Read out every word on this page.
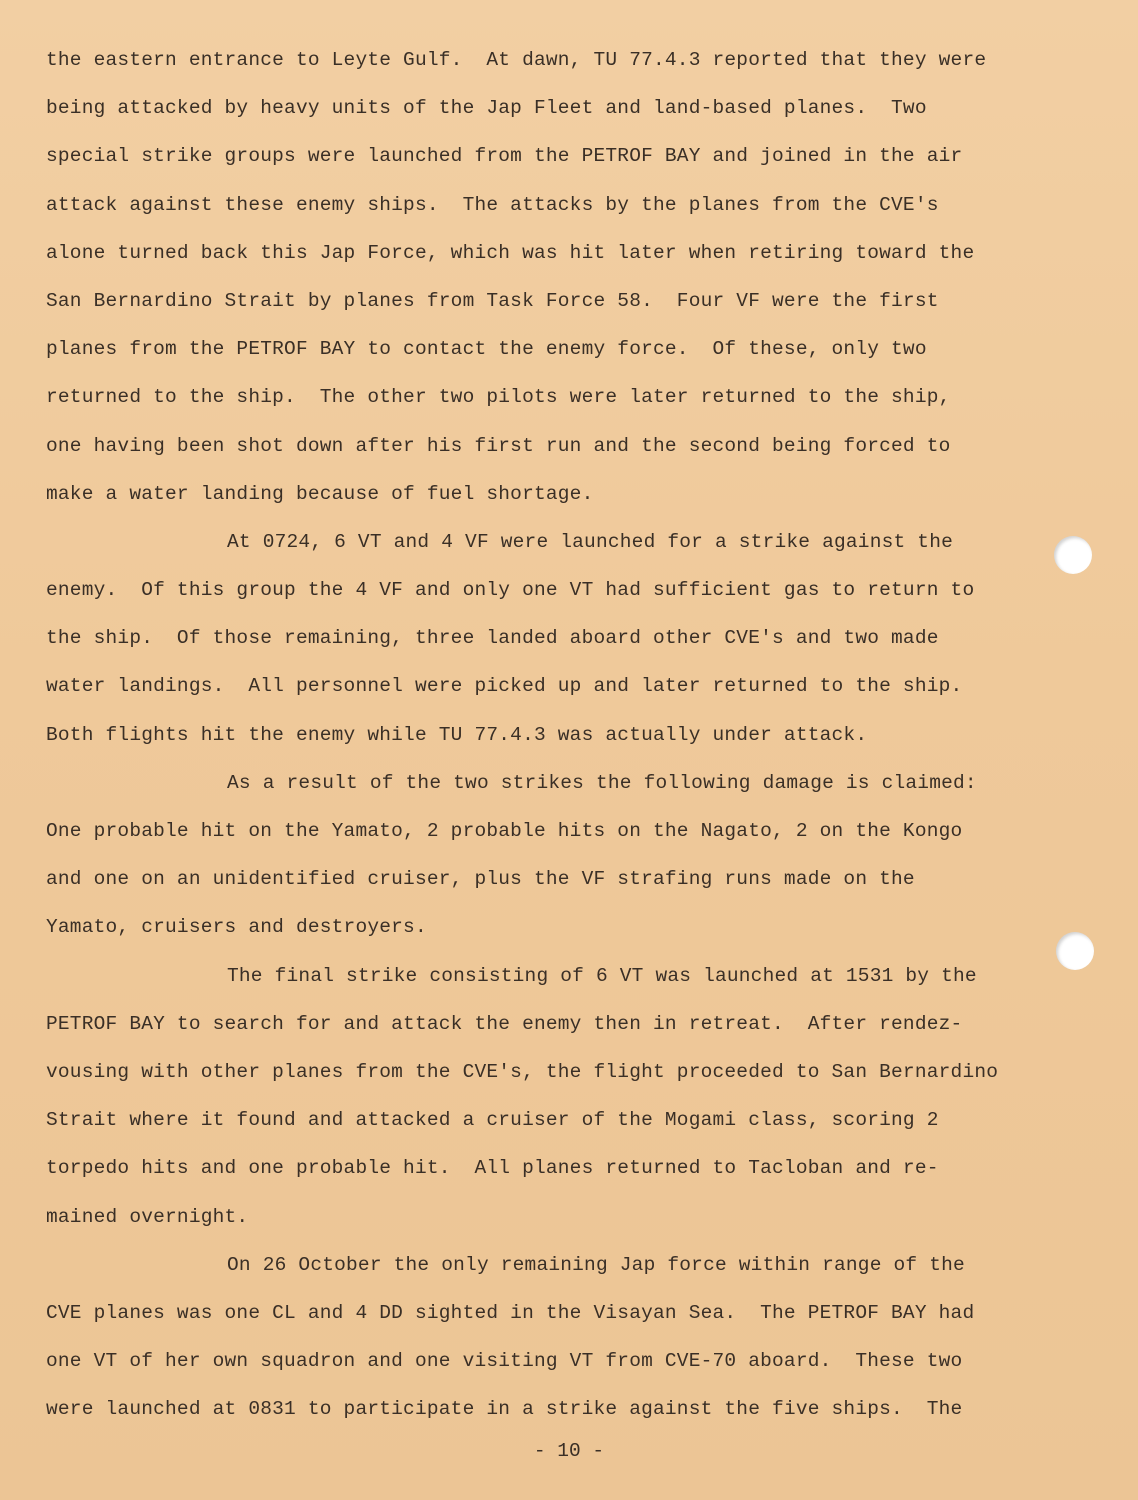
the eastern entrance to Leyte Gulf.  At dawn, TU 77.4.3 reported that they were
being attacked by heavy units of the Jap Fleet and land-based planes.  Two
special strike groups were launched from the PETROF BAY and joined in the air
attack against these enemy ships.  The attacks by the planes from the CVE's
alone turned back this Jap Force, which was hit later when retiring toward the
San Bernardino Strait by planes from Task Force 58.  Four VF were the first
planes from the PETROF BAY to contact the enemy force.  Of these, only two
returned to the ship.  The other two pilots were later returned to the ship,
one having been shot down after his first run and the second being forced to
make a water landing because of fuel shortage.
At 0724, 6 VT and 4 VF were launched for a strike against the
enemy.  Of this group the 4 VF and only one VT had sufficient gas to return to
the ship.  Of those remaining, three landed aboard other CVE's and two made
water landings.  All personnel were picked up and later returned to the ship.
Both flights hit the enemy while TU 77.4.3 was actually under attack.
As a result of the two strikes the following damage is claimed:
One probable hit on the Yamato, 2 probable hits on the Nagato, 2 on the Kongo
and one on an unidentified cruiser, plus the VF strafing runs made on the
Yamato, cruisers and destroyers.
The final strike consisting of 6 VT was launched at 1531 by the
PETROF BAY to search for and attack the enemy then in retreat.  After rendez-
vousing with other planes from the CVE's, the flight proceeded to San Bernardino
Strait where it found and attacked a cruiser of the Mogami class, scoring 2
torpedo hits and one probable hit.  All planes returned to Tacloban and re-
mained overnight.
On 26 October the only remaining Jap force within range of the
CVE planes was one CL and 4 DD sighted in the Visayan Sea.  The PETROF BAY had
one VT of her own squadron and one visiting VT from CVE-70 aboard.  These two
were launched at 0831 to participate in a strike against the five ships.  The
- 10 -
